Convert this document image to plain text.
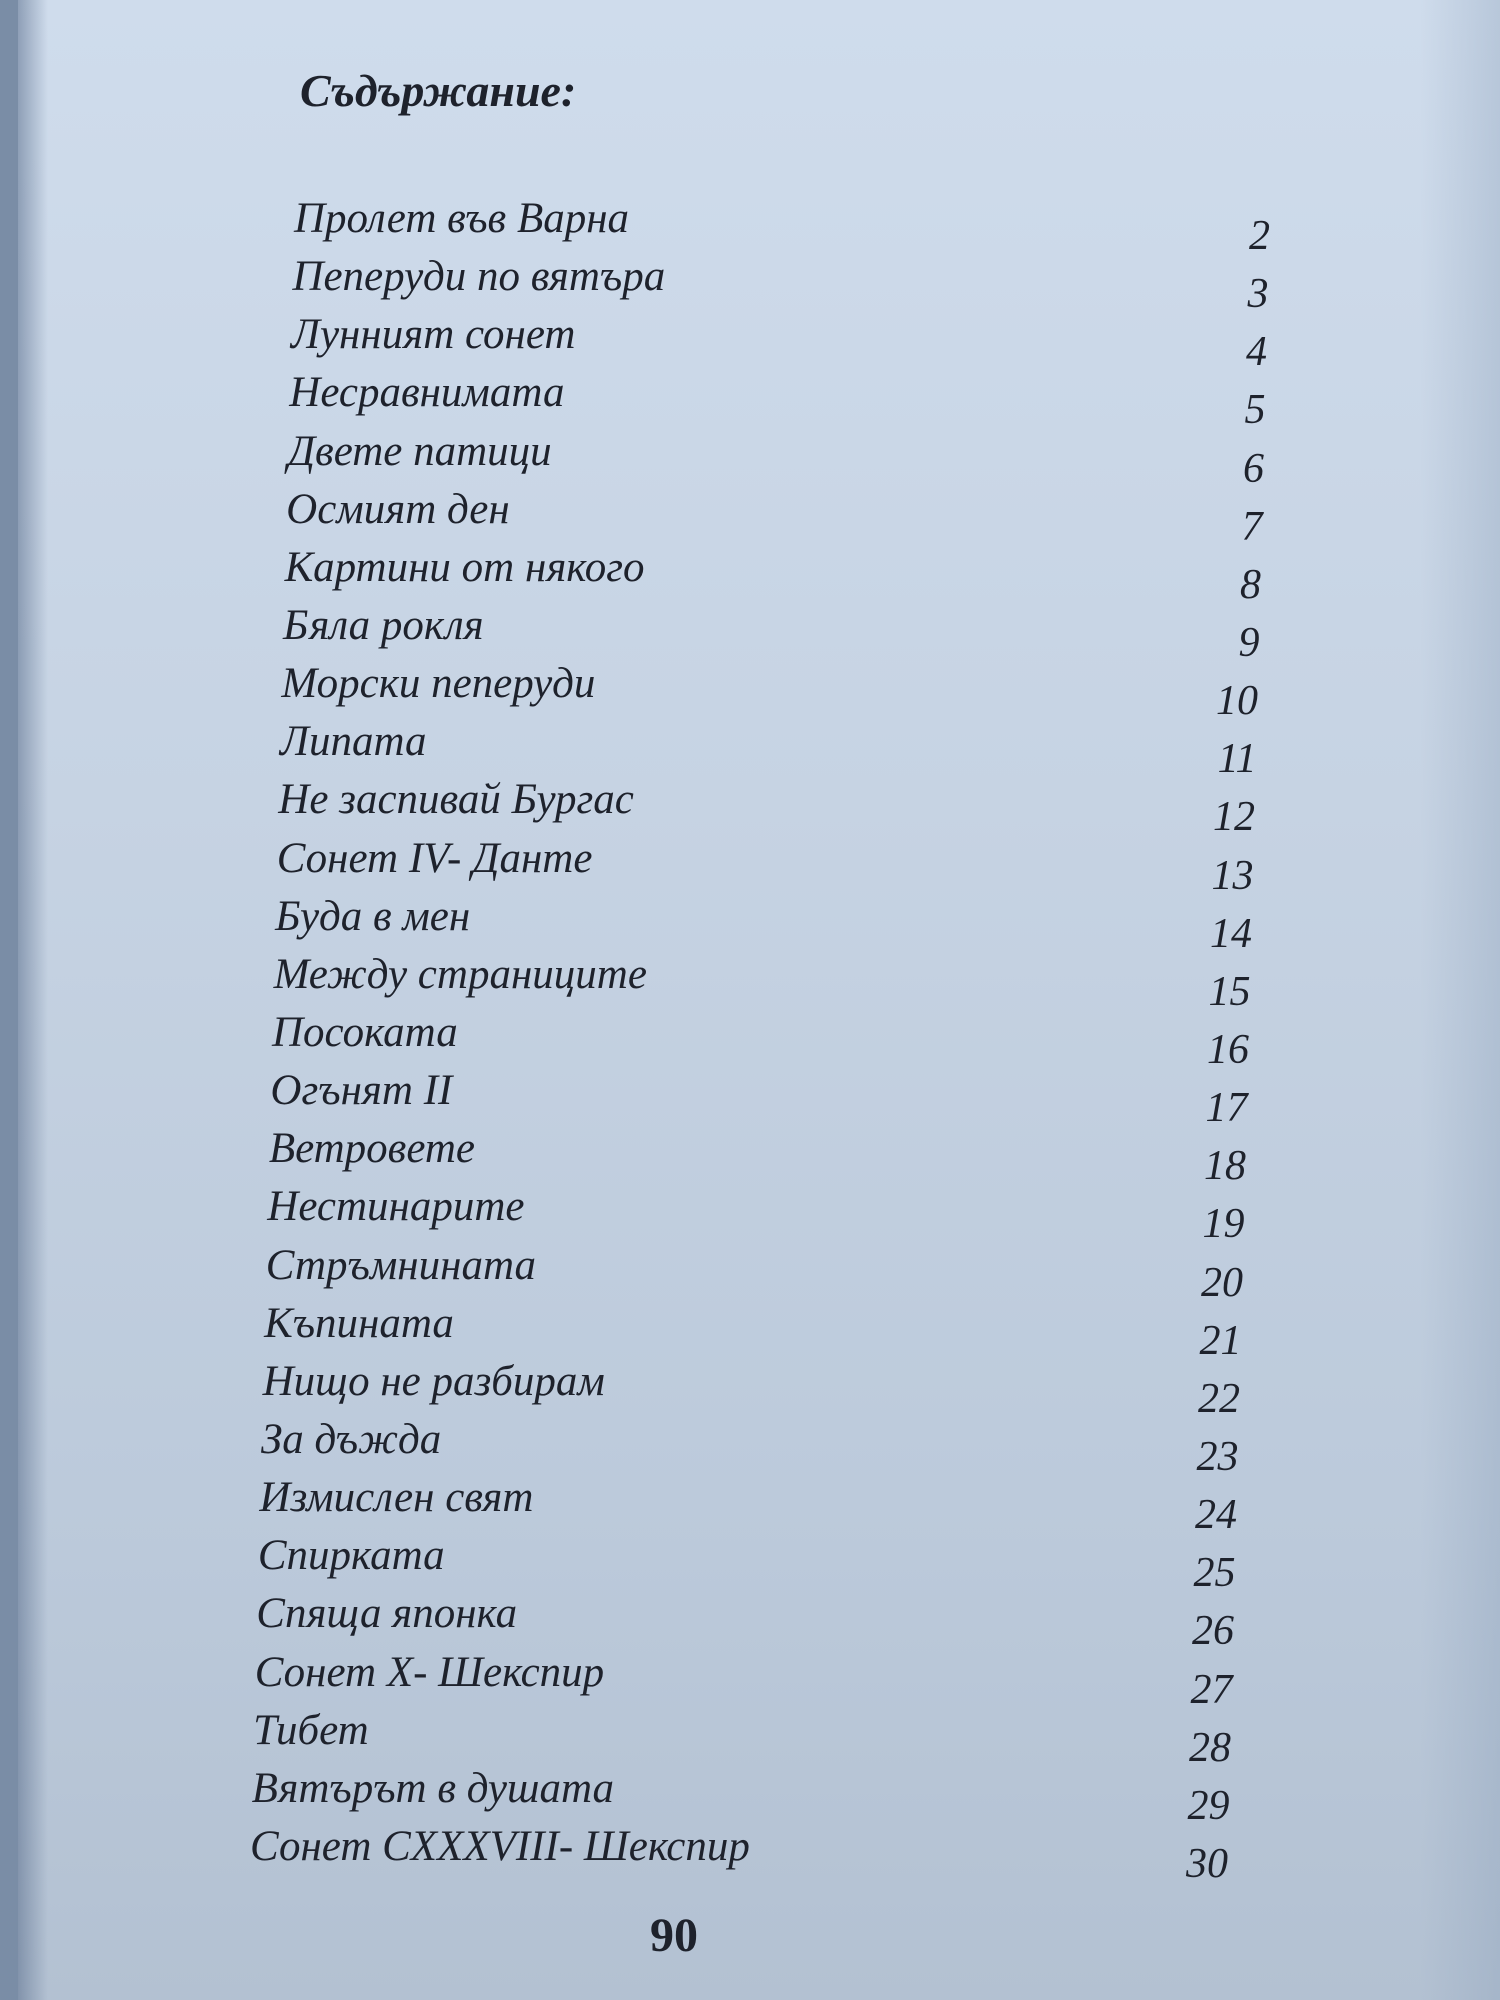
Съдържание:
Пролет във Варна	2
Пеперуди по вятъра	3
Лунният сонет	4
Несравнимата	5
Двете патици	6
Осмият ден	7
Картини от някого	8
Бяла рокля	9
Морски пеперуди	10
Липата	11
Не заспивай Бургас	12
Сонет IV- Данте	13
Буда в мен	14
Между страниците	15
Посоката	16
Огънят II	17
Ветровете	18
Нестинарите	19
Стръмнината	20
Къпината	21
Нищо не разбирам	22
За дъжда	23
Измислен свят	24
Спирката	25
Спяща японка	26
Сонет X- Шекспир	27
Тибет	28
Вятърът в душата	29
Сонет CXXXVIII- Шекспир	30
90
